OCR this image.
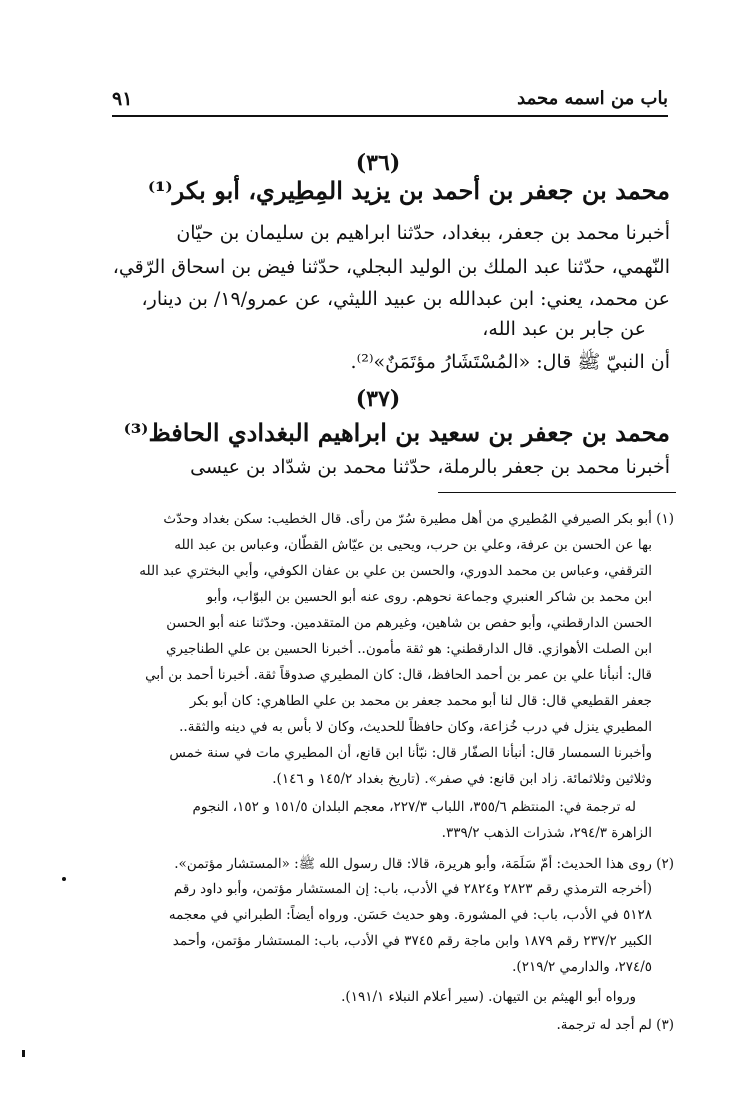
باب من اسمه محمد
٩١
(٣٦)
محمد بن جعفر بن أحمد بن يزيد المِطِيري، أبو بكر⁽¹⁾
أخبرنا محمد بن جعفر، ببغداد، حدّثنا ابراهيم بن سليمان بن حيّان
النّهمي، حدّثنا عبد الملك بن الوليد البجلي، حدّثنا فيض بن اسحاق الرّقي،
عن محمد، يعني: ابن عبدالله بن عبيد الليثي، عن عمرو/١٩/ بن دينار،
عن جابر بن عبد الله،
أن النبيّ ﷺ قال: «المُسْتَشَارُ مؤتَمَنٌ»⁽²⁾.
(٣٧)
محمد بن جعفر بن سعيد بن ابراهيم البغدادي الحافظ⁽³⁾
أخبرنا محمد بن جعفر بالرملة، حدّثنا محمد بن شدّاد بن عيسى
(١) أبو بكر الصيرفي المُطيري من أهل مطيرة سُرّ من رأى. قال الخطيب: سكن بغداد وحدّث
بها عن الحسن بن عرفة، وعلي بن حرب، ويحيى بن عيّاش القطّان، وعباس بن عبد الله
الترقفي، وعباس بن محمد الدوري، والحسن بن علي بن عفان الكوفي، وأبي البختري عبد الله
ابن محمد بن شاكر العنبري وجماعة نحوهم. روى عنه أبو الحسين بن البوّاب، وأبو
الحسن الدارقطني، وأبو حفص بن شاهين، وغيرهم من المتقدمين. وحدّثنا عنه أبو الحسن
ابن الصلت الأهوازي. قال الدارقطني: هو ثقة مأمون.. أخبرنا الحسين بن علي الطناجيري
قال: أنبأنا علي بن عمر بن أحمد الحافظ، قال: كان المطيري صدوقاً ثقة. أخبرنا أحمد بن أبي
جعفر القطيعي قال: قال لنا أبو محمد جعفر بن محمد بن علي الطاهري: كان أبو بكر
المطيري ينزل في درب خُزاعة، وكان حافظاً للحديث، وكان لا بأس به في دينه والثقة..
وأخبرنا السمسار قال: أنبأنا الصفّار قال: نبّأنا ابن قانع، أن المطيري مات في سنة خمس
وثلاثين وثلاثمائة. زاد ابن قانع: في صفر». (تاريخ بغداد ١٤٥/٢ و ١٤٦).
له ترجمة في: المنتظم ٣٥٥/٦، اللباب ٢٢٧/٣، معجم البلدان ١٥١/٥ و ١٥٢، النجوم
الزاهرة ٢٩٤/٣، شذرات الذهب ٣٣٩/٢.
(٢) روى هذا الحديث: أمّ سَلَمَة، وأبو هريرة، قالا: قال رسول الله ﷺ: «المستشار مؤتمن».
(أخرجه الترمذي رقم ٢٨٢٣ و٢٨٢٤ في الأدب، باب: إن المستشار مؤتمن، وأبو داود رقم
٥١٢٨ في الأدب، باب: في المشورة. وهو حديث حَسَن. ورواه أيضاً: الطبراني في معجمه
الكبير ٢٣٧/٢ رقم ١٨٧٩ وابن ماجة رقم ٣٧٤٥ في الأدب، باب: المستشار مؤتمن، وأحمد
٢٧٤/٥، والدارمي ٢١٩/٢).
ورواه أبو الهيثم بن التيهان. (سير أعلام النبلاء ١٩١/١).
(٣) لم أجد له ترجمة.
